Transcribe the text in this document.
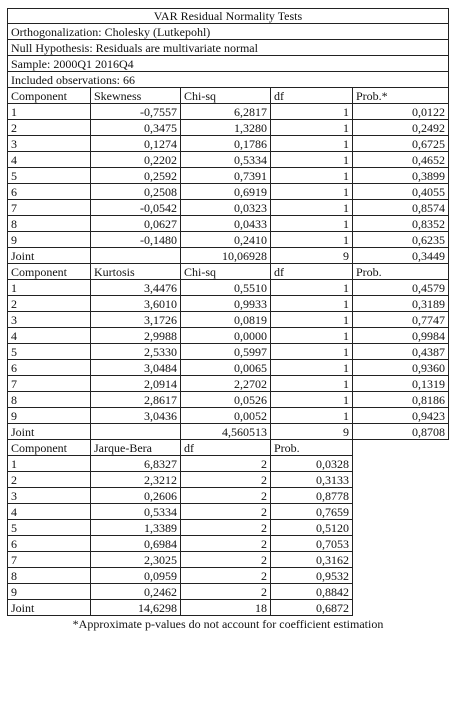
VAR Residual Normality Tests
Orthogonalization: Cholesky (Lutkepohl)
Null Hypothesis: Residuals are multivariate normal
Sample: 2000Q1 2016Q4
Included observations: 66
Component	Skewness	Chi-sq	df	Prob.*
1	-0,7557	6,2817	1	0,0122
2	0,3475	1,3280	1	0,2492
3	0,1274	0,1786	1	0,6725
4	0,2202	0,5334	1	0,4652
5	0,2592	0,7391	1	0,3899
6	0,2508	0,6919	1	0,4055
7	-0,0542	0,0323	1	0,8574
8	0,0627	0,0433	1	0,8352
9	-0,1480	0,2410	1	0,6235
Joint	10,06928	9	0,3449
Component	Kurtosis	Chi-sq	df	Prob.
1	3,4476	0,5510	1	0,4579
2	3,6010	0,9933	1	0,3189
3	3,1726	0,0819	1	0,7747
4	2,9988	0,0000	1	0,9984
5	2,5330	0,5997	1	0,4387
6	3,0484	0,0065	1	0,9360
7	2,0914	2,2702	1	0,1319
8	2,8617	0,0526	1	0,8186
9	3,0436	0,0052	1	0,9423
Joint	4,560513	9	0,8708
Component	Jarque-Bera	df	Prob.
1	6,8327	2	0,0328
2	2,3212	2	0,3133
3	0,2606	2	0,8778
4	0,5334	2	0,7659
5	1,3389	2	0,5120
6	0,6984	2	0,7053
7	2,3025	2	0,3162
8	0,0959	2	0,9532
9	0,2462	2	0,8842
Joint	14,6298	18	0,6872
*Approximate p-values do not account for coefficient estimation
